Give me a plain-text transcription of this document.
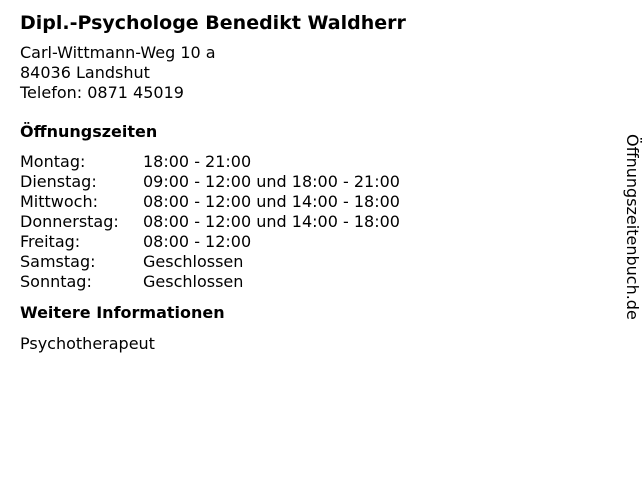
Dipl.-Psychologe Benedikt Waldherr
Carl-Wittmann-Weg 10 a
84036 Landshut
Telefon: 0871 45019
Öffnungszeiten
Montag:	18:00 - 21:00
Dienstag:	09:00 - 12:00 und 18:00 - 21:00
Mittwoch:	08:00 - 12:00 und 14:00 - 18:00
Donnerstag:	08:00 - 12:00 und 14:00 - 18:00
Freitag:	08:00 - 12:00
Samstag:	Geschlossen
Sonntag:	Geschlossen
Weitere Informationen
Psychotherapeut
Öffnungszeitenbuch.de
